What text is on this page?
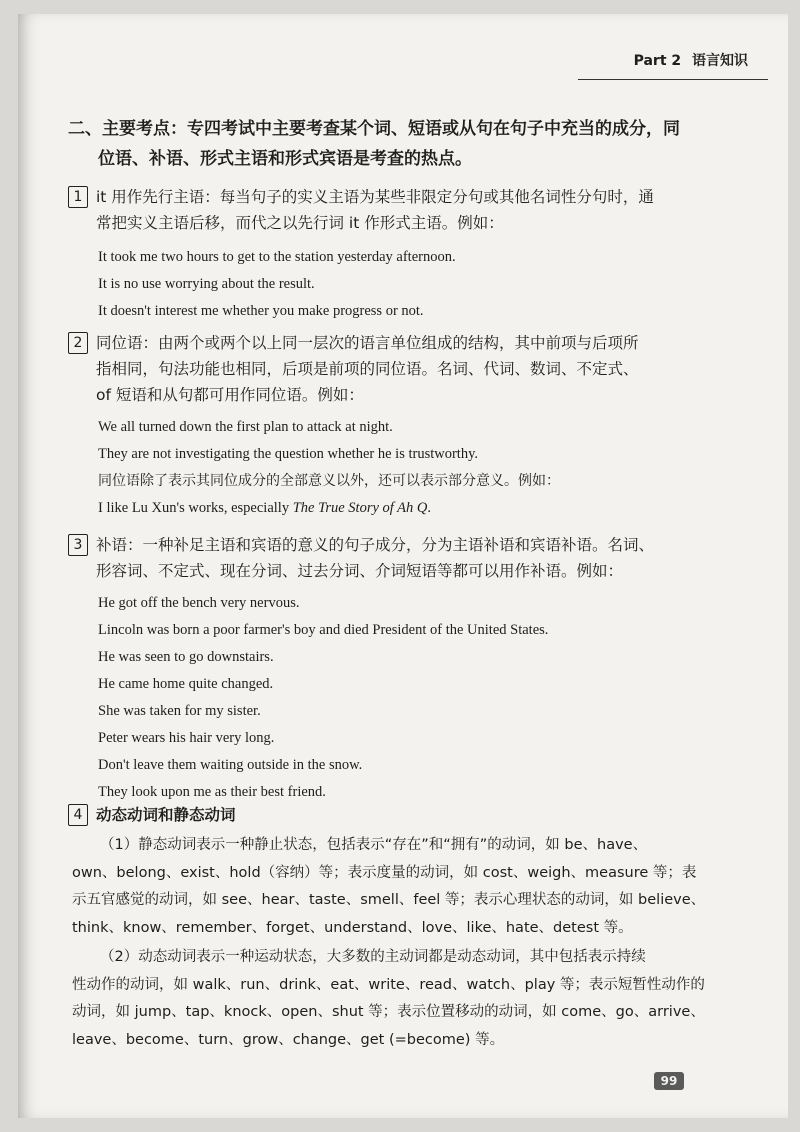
Part 2 语言知识
二、主要考点：专四考试中主要考查某个词、短语或从句在句子中充当的成分，同
位语、补语、形式主语和形式宾语是考查的热点。
1 it 用作先行主语：每当句子的实义主语为某些非限定分句或其他名词性分句时，通
常把实义主语后移，而代之以先行词 it 作形式主语。例如：
It took me two hours to get to the station yesterday afternoon.
It is no use worrying about the result.
It doesn't interest me whether you make progress or not.
2 同位语：由两个或两个以上同一层次的语言单位组成的结构，其中前项与后项所
指相同，句法功能也相同，后项是前项的同位语。名词、代词、数词、不定式、
of 短语和从句都可用作同位语。例如：
We all turned down the first plan to attack at night.
They are not investigating the question whether he is trustworthy.
同位语除了表示其同位成分的全部意义以外，还可以表示部分意义。例如：
I like Lu Xun's works, especially The True Story of Ah Q.
3 补语：一种补足主语和宾语的意义的句子成分，分为主语补语和宾语补语。名词、
形容词、不定式、现在分词、过去分词、介词短语等都可以用作补语。例如：
He got off the bench very nervous.
Lincoln was born a poor farmer's boy and died President of the United States.
He was seen to go downstairs.
He came home quite changed.
She was taken for my sister.
Peter wears his hair very long.
Don't leave them waiting outside in the snow.
They look upon me as their best friend.
4 动态动词和静态动词
（1）静态动词表示一种静止状态，包括表示“存在”和“拥有”的动词，如 be、have、
own、belong、exist、hold（容纳）等；表示度量的动词，如 cost、weigh、measure 等；表
示五官感觉的动词，如 see、hear、taste、smell、feel 等；表示心理状态的动词，如 believe、
think、know、remember、forget、understand、love、like、hate、detest 等。
（2）动态动词表示一种运动状态，大多数的主动词都是动态动词，其中包括表示持续
性动作的动词，如 walk、run、drink、eat、write、read、watch、play 等；表示短暂性动作的
动词，如 jump、tap、knock、open、shut 等；表示位置移动的动词，如 come、go、arrive、
leave、become、turn、grow、change、get (=become) 等。
99
